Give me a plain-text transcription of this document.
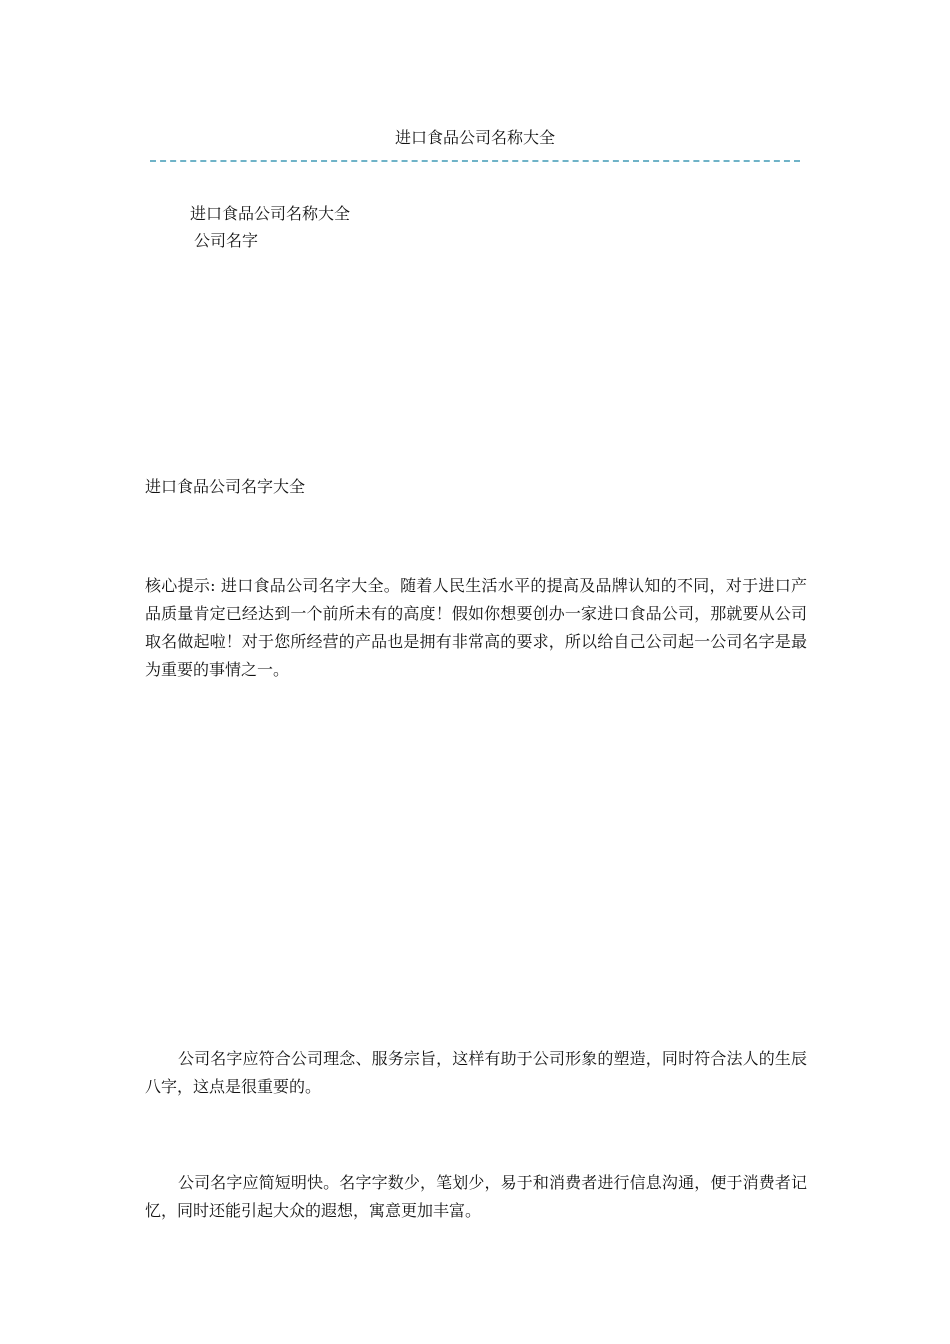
进口食品公司名称大全
进口食品公司名称大全
公司名字
进口食品公司名字大全

核心提示: 进口食品公司名字大全。随着人民生活水平的提高及品牌认知的不同，对于进口产品质量肯定已经达到一个前所未有的高度！假如你想要创办一家进口食品公司，那就要从公司取名做起啦！对于您所经营的产品也是拥有非常高的要求，所以给自己公司起一公司名字是最为重要的事情之一。

公司名字应符合公司理念、服务宗旨，这样有助于公司形象的塑造，同时符合法人的生辰八字，这点是很重要的。

公司名字应简短明快。名字字数少，笔划少，易于和消费者进行信息沟通，便于消费者记忆，同时还能引起大众的遐想，寓意更加丰富。
